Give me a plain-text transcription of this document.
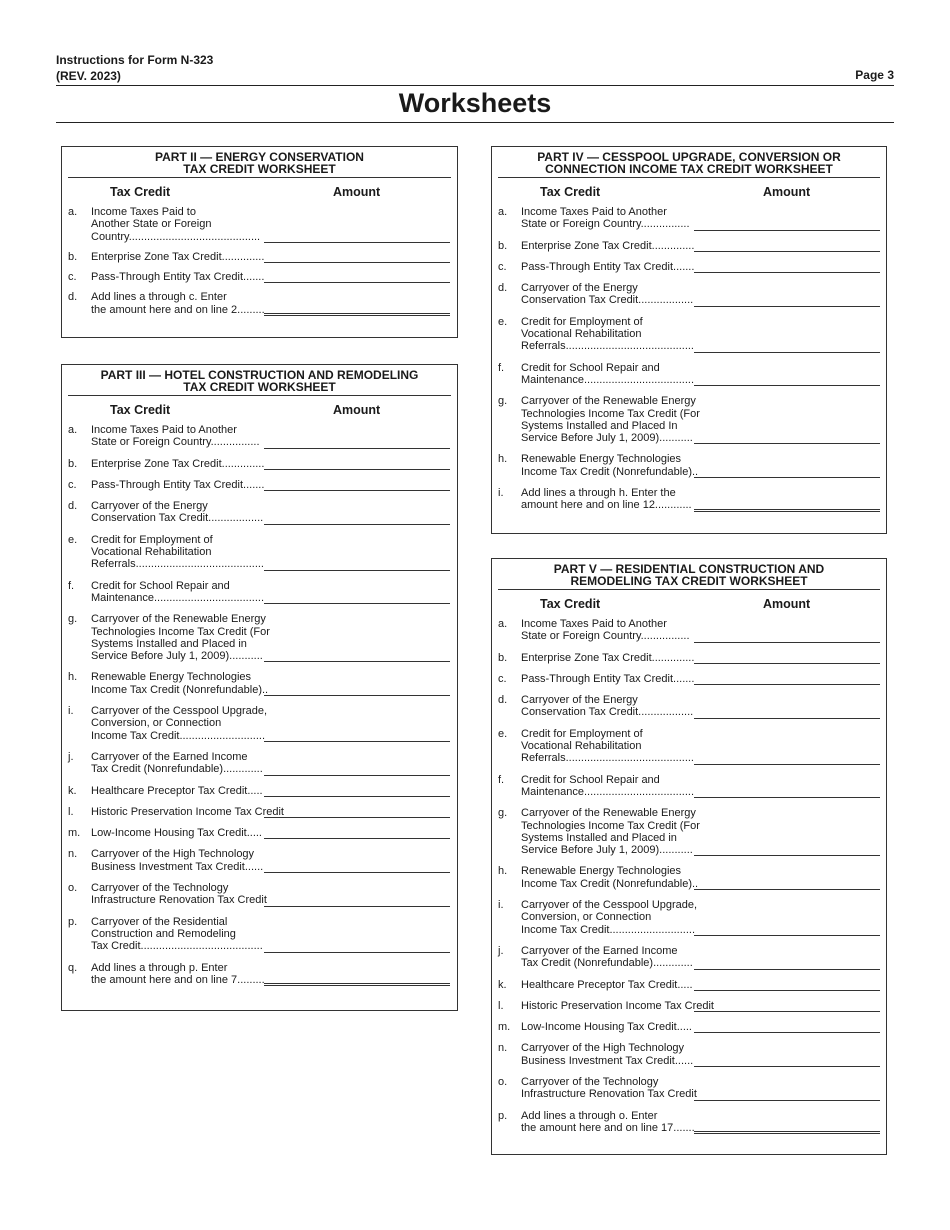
Instructions for Form N-323
(REV. 2023)	Page 3
Worksheets
PART II — ENERGY CONSERVATION
TAX CREDIT WORKSHEET
Tax Credit	Amount
a.	Income Taxes Paid to
Another State or Foreign
Country...........................................
b.	Enterprise Zone Tax Credit..............
c.	Pass-Through Entity Tax Credit.......
d.	Add lines a through c. Enter
the amount here and on line 2.........
PART III — HOTEL CONSTRUCTION AND REMODELING
TAX CREDIT WORKSHEET
Tax Credit	Amount
a.	Income Taxes Paid to Another
State or Foreign Country................
b.	Enterprise Zone Tax Credit..............
c.	Pass-Through Entity Tax Credit.......
d.	Carryover of the Energy
Conservation Tax Credit..................
e.	Credit for Employment of
Vocational Rehabilitation
Referrals..........................................
f.	Credit for School Repair and
Maintenance....................................
g.	Carryover of the Renewable Energy
Technologies Income Tax Credit (For
Systems Installed and Placed in
Service Before July 1, 2009)...........
h.	Renewable Energy Technologies
Income Tax Credit (Nonrefundable)..
i.	Carryover of the Cesspool Upgrade,
Conversion, or Connection
Income Tax Credit............................
j.	Carryover of the Earned Income
Tax Credit (Nonrefundable).............
k.	Healthcare Preceptor Tax Credit.....
l.	Historic Preservation Income Tax Credit
m. Low-Income Housing Tax Credit.....
n.	Carryover of the High Technology
Business Investment Tax Credit......
o.	Carryover of the Technology
Infrastructure Renovation Tax Credit
p.	Carryover of the Residential
Construction and Remodeling
Tax Credit........................................
q.	Add lines a through p. Enter
the amount here and on line 7.........
PART IV — CESSPOOL UPGRADE, CONVERSION OR
CONNECTION INCOME TAX CREDIT WORKSHEET
Tax Credit	Amount
a.	Income Taxes Paid to Another
State or Foreign Country................
b.	Enterprise Zone Tax Credit..............
c.	Pass-Through Entity Tax Credit.......
d.	Carryover of the Energy
Conservation Tax Credit..................
e.	Credit for Employment of
Vocational Rehabilitation
Referrals..........................................
f.	Credit for School Repair and
Maintenance....................................
g.	Carryover of the Renewable Energy
Technologies Income Tax Credit (For
Systems Installed and Placed In
Service Before July 1, 2009)...........
h.	Renewable Energy Technologies
Income Tax Credit (Nonrefundable)..
i.	Add lines a through h. Enter the
amount here and on line 12............
PART V — RESIDENTIAL CONSTRUCTION AND
REMODELING TAX CREDIT WORKSHEET
Tax Credit	Amount
a.	Income Taxes Paid to Another
State or Foreign Country................
b.	Enterprise Zone Tax Credit..............
c.	Pass-Through Entity Tax Credit.......
d.	Carryover of the Energy
Conservation Tax Credit..................
e.	Credit for Employment of
Vocational Rehabilitation
Referrals..........................................
f.	Credit for School Repair and
Maintenance....................................
g.	Carryover of the Renewable Energy
Technologies Income Tax Credit (For
Systems Installed and Placed in
Service Before July 1, 2009)...........
h.	Renewable Energy Technologies
Income Tax Credit (Nonrefundable)..
i.	Carryover of the Cesspool Upgrade,
Conversion, or Connection
Income Tax Credit............................
j.	Carryover of the Earned Income
Tax Credit (Nonrefundable).............
k.	Healthcare Preceptor Tax Credit.....
l.	Historic Preservation Income Tax Credit
m. Low-Income Housing Tax Credit.....
n.	Carryover of the High Technology
Business Investment Tax Credit......
o.	Carryover of the Technology
Infrastructure Renovation Tax Credit
p.	Add lines a through o. Enter
the amount here and on line 17.......
